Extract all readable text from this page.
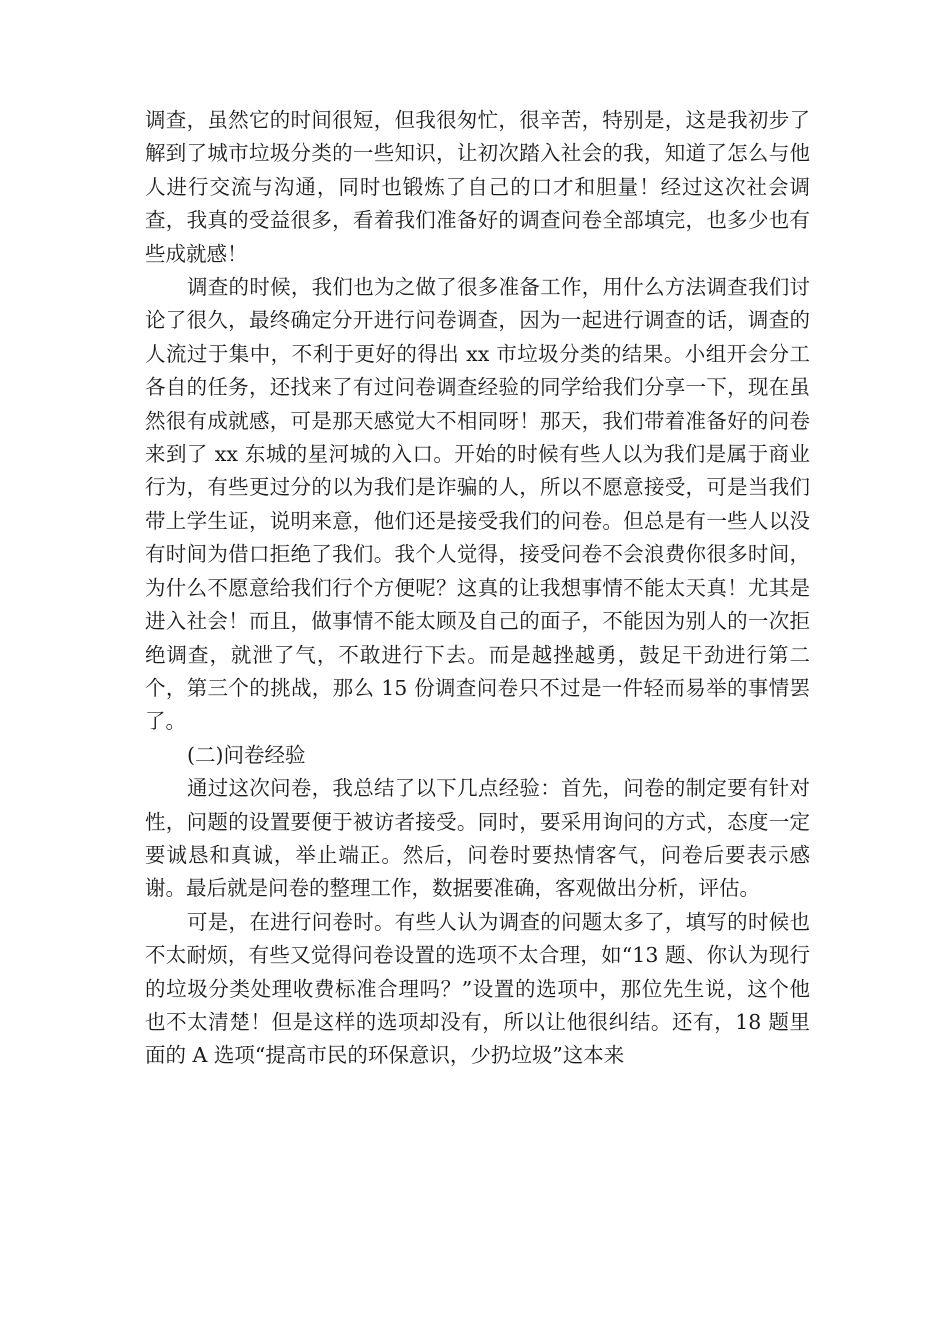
调查，虽然它的时间很短，但我很匆忙，很辛苦，特别是，这是我初步了解到了城市垃圾分类的一些知识，让初次踏入社会的我，知道了怎么与他人进行交流与沟通，同时也锻炼了自己的口才和胆量！经过这次社会调查，我真的受益很多，看着我们准备好的调查问卷全部填完，也多少也有些成就感！

调查的时候，我们也为之做了很多准备工作，用什么方法调查我们讨论了很久，最终确定分开进行问卷调查，因为一起进行调查的话，调查的人流过于集中，不利于更好的得出 xx 市垃圾分类的结果。小组开会分工各自的任务，还找来了有过问卷调查经验的同学给我们分享一下，现在虽然很有成就感，可是那天感觉大不相同呀！那天，我们带着准备好的问卷来到了 xx 东城的星河城的入口。开始的时候有些人以为我们是属于商业行为，有些更过分的以为我们是诈骗的人，所以不愿意接受，可是当我们带上学生证，说明来意，他们还是接受我们的问卷。但总是有一些人以没有时间为借口拒绝了我们。我个人觉得，接受问卷不会浪费你很多时间，为什么不愿意给我们行个方便呢？这真的让我想事情不能太天真！尤其是进入社会！而且，做事情不能太顾及自己的面子，不能因为别人的一次拒绝调查，就泄了气，不敢进行下去。而是越挫越勇，鼓足干劲进行第二个，第三个的挑战，那么 15 份调查问卷只不过是一件轻而易举的事情罢了。

(二)问卷经验

通过这次问卷，我总结了以下几点经验：首先，问卷的制定要有针对性，问题的设置要便于被访者接受。同时，要采用询问的方式，态度一定要诚恳和真诚，举止端正。然后，问卷时要热情客气，问卷后要表示感谢。最后就是问卷的整理工作，数据要准确，客观做出分析，评估。

可是，在进行问卷时。有些人认为调查的问题太多了，填写的时候也不太耐烦，有些又觉得问卷设置的选项不太合理，如“13 题、你认为现行的垃圾分类处理收费标准合理吗？”设置的选项中，那位先生说，这个他也不太清楚！但是这样的选项却没有，所以让他很纠结。还有，18 题里面的 A 选项“提高市民的环保意识，少扔垃圾”这本来
